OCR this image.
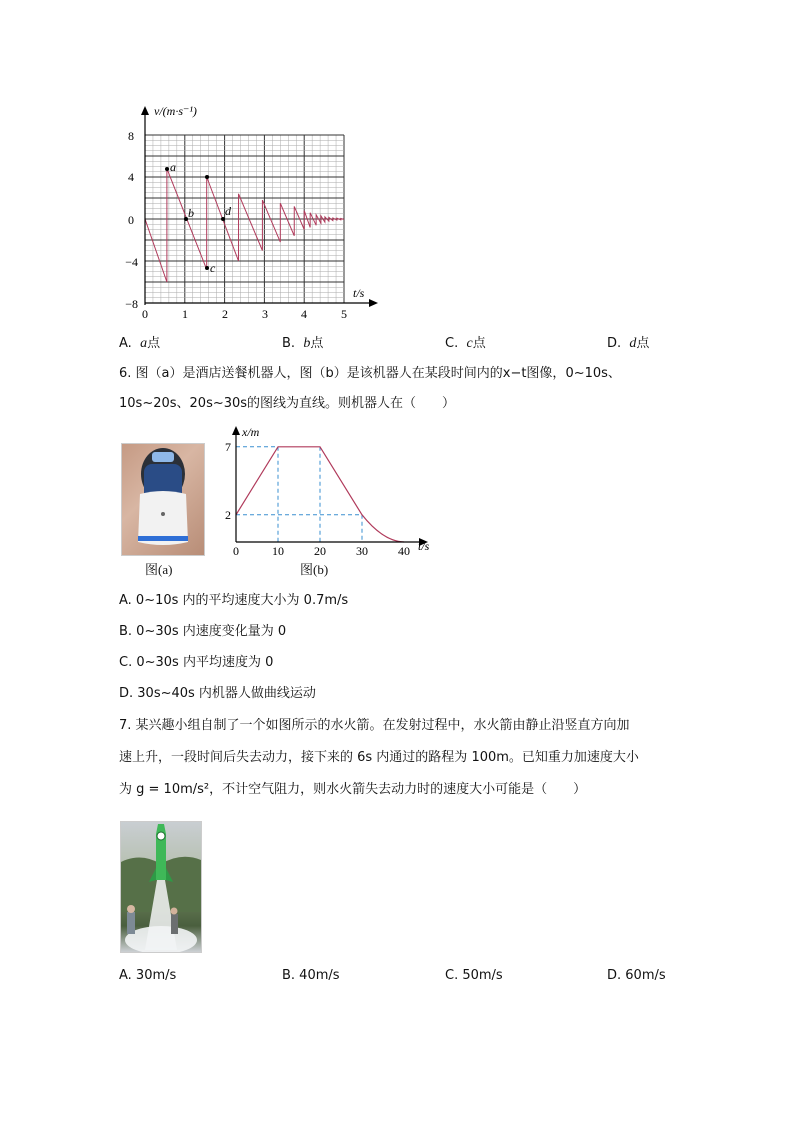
v/(m·s⁻¹)
t/s
8
4
0
−4
−8
0	1	2	3	4	5
a
b
c
d
A. a点	B. b点	C. c点	D. d点
6. 图（a）是酒店送餐机器人，图（b）是该机器人在某段时间内的x−t图像，0~10s、
10s~20s、20s~30s的图线为直线。则机器人在（　　）
图(a)
x/m
t/s
7
2
0	10	20	30	40
图(b)
A. 0~10s 内的平均速度大小为 0.7m/s
B. 0~30s 内速度变化量为 0
C. 0~30s 内平均速度为 0
D. 30s~40s 内机器人做曲线运动
7. 某兴趣小组自制了一个如图所示的水火箭。在发射过程中，水火箭由静止沿竖直方向加
速上升，一段时间后失去动力，接下来的 6s 内通过的路程为 100m。已知重力加速度大小
为 g = 10m/s²，不计空气阻力，则水火箭失去动力时的速度大小可能是（　　）
A. 30m/s	B. 40m/s	C. 50m/s	D. 60m/s
